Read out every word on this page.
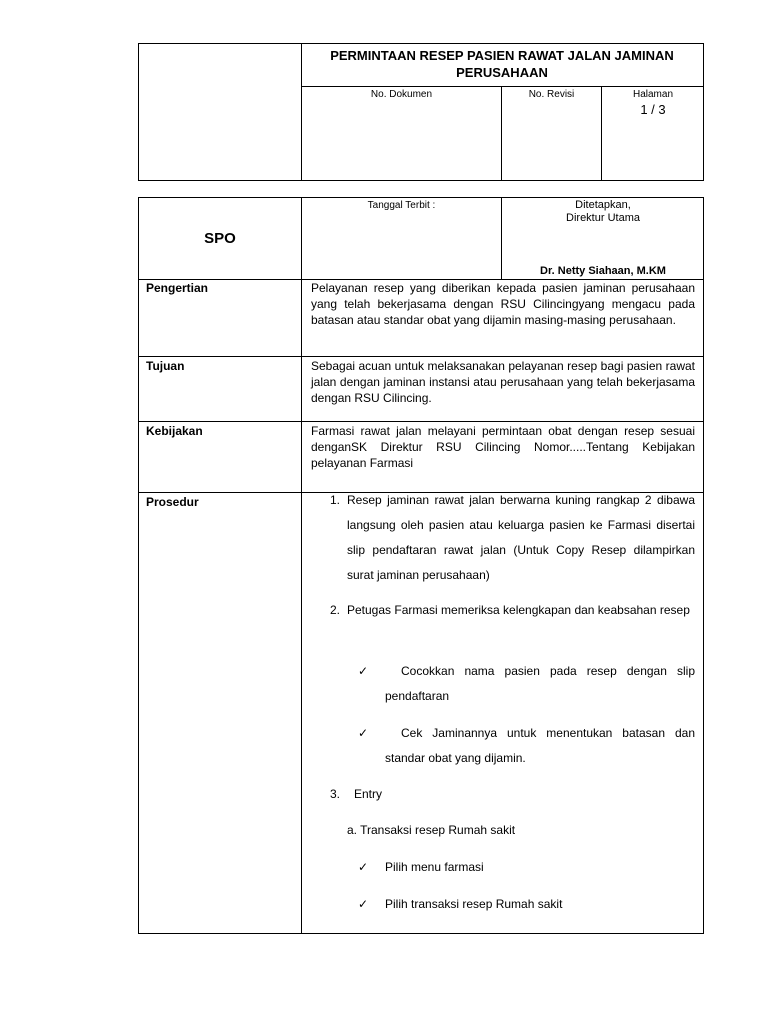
PERMINTAAN RESEP PASIEN RAWAT JALAN JAMINAN PERUSAHAAN
No. Dokumen	No. Revisi	Halaman
1 / 3
SPO
Tanggal Terbit :	Ditetapkan,
Direktur Utama
Dr. Netty Siahaan, M.KM
Pengertian	Pelayanan resep yang diberikan kepada pasien jaminan perusahaan yang telah bekerjasama dengan RSU Cilincingyang mengacu pada batasan atau standar obat yang dijamin masing-masing perusahaan.
Tujuan	Sebagai acuan untuk melaksanakan pelayanan resep bagi pasien rawat jalan dengan jaminan instansi atau perusahaan yang telah bekerjasama dengan RSU Cilincing.
Kebijakan	Farmasi rawat jalan melayani permintaan obat dengan resep sesuai denganSK Direktur RSU Cilincing Nomor.....Tentang Kebijakan pelayanan Farmasi
Prosedur	1. Resep jaminan rawat jalan berwarna kuning rangkap 2 dibawa langsung oleh pasien atau keluarga pasien ke Farmasi disertai slip pendaftaran rawat jalan (Untuk Copy Resep dilampirkan surat jaminan perusahaan)
2. Petugas Farmasi memeriksa kelengkapan dan keabsahan resep
✓	Cocokkan nama pasien pada resep dengan slip pendaftaran
✓	Cek Jaminannya untuk menentukan batasan dan standar obat yang dijamin.
3. Entry
a. Transaksi resep Rumah sakit
✓ Pilih menu farmasi
✓ Pilih transaksi resep Rumah sakit
